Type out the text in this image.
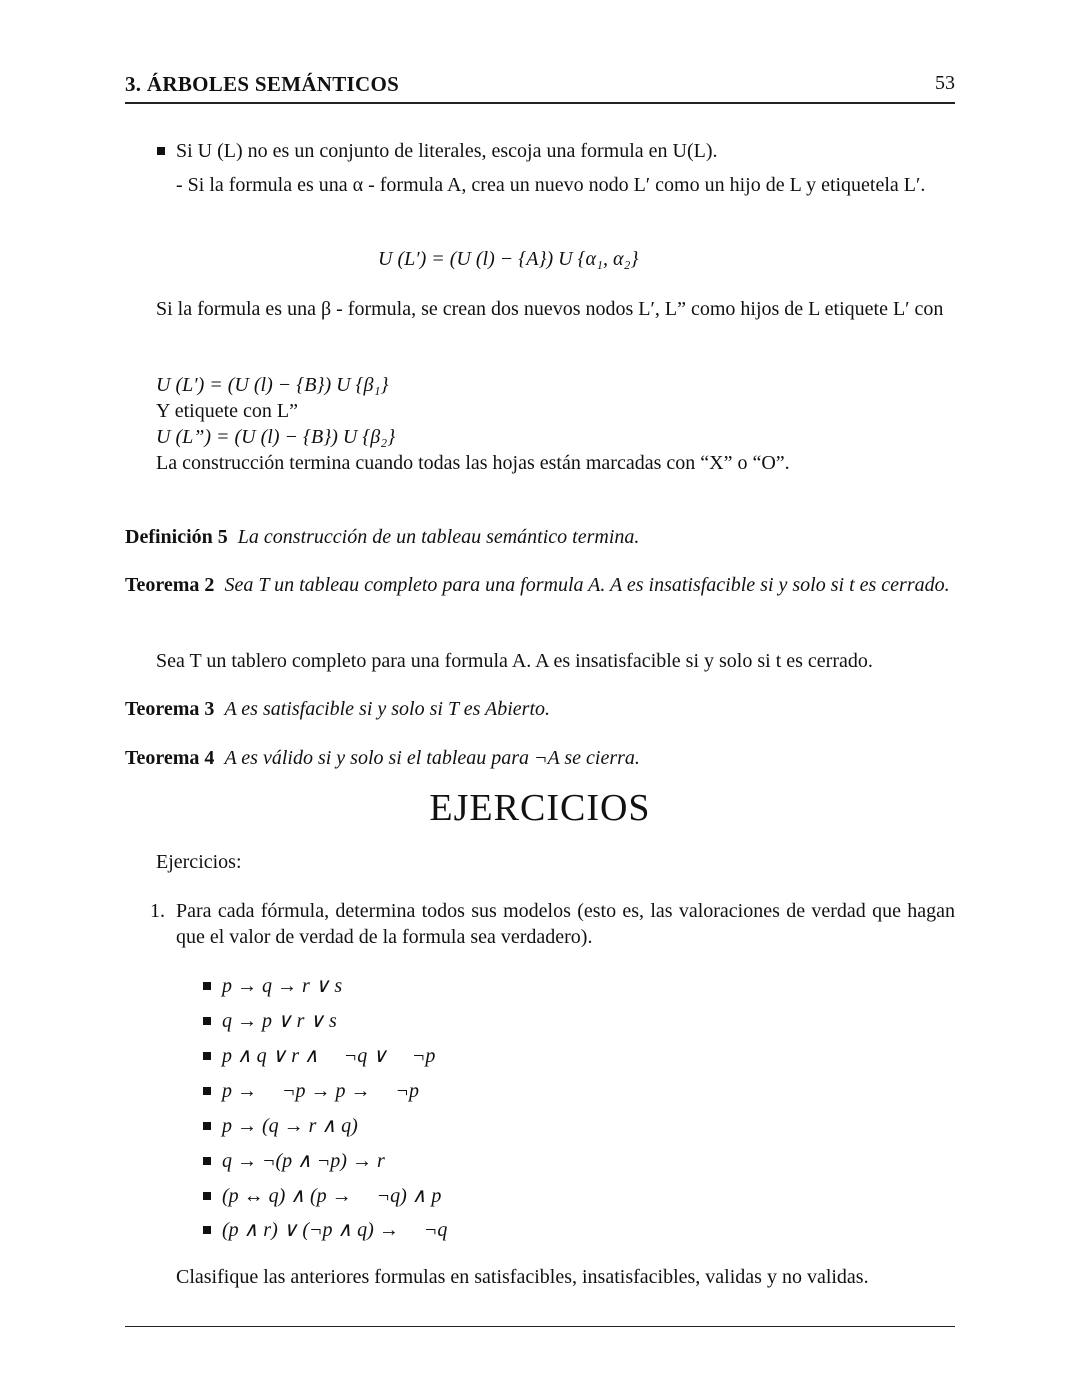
3. ÁRBOLES SEMÁNTICOS	53
Si U (L) no es un conjunto de literales, escoja una formula en U(L).
- Si la formula es una α - formula A, crea un nuevo nodo L′ como un hijo de L y etiquetela L′.
U (L′) = (U (l) − {A}) U {α₁, α₂}
Si la formula es una β - formula, se crean dos nuevos nodos L′, L” como hijos de L etiquete L′ con
U (L′) = (U (l) − {B}) U {β₁}
Y etiquete con L”
U (L”) = (U (l) − {B}) U {β₂}
La construcción termina cuando todas las hojas están marcadas con “X” o “O”.
Definición 5 La construcción de un tableau semántico termina.
Teorema 2 Sea T un tableau completo para una formula A. A es insatisfacible si y solo si t es cerrado.
Sea T un tablero completo para una formula A. A es insatisfacible si y solo si t es cerrado.
Teorema 3 A es satisfacible si y solo si T es Abierto.
Teorema 4 A es válido si y solo si el tableau para ¬A se cierra.
EJERCICIOS
Ejercicios:
1. Para cada fórmula, determina todos sus modelos (esto es, las valoraciones de verdad que hagan que el valor de verdad de la formula sea verdadero).
p → q → r ∨ s
q → p ∨ r ∨ s
p ∧ q ∨ r ∧     ¬q ∨     ¬p
p →     ¬p → p →     ¬p
p → (q → r ∧ q)
q → ¬(p ∧ ¬p) → r
(p ↔ q) ∧ (p →     ¬q) ∧ p
(p ∧ r) ∨ (¬p ∧ q) →     ¬q
Clasifique las anteriores formulas en satisfacibles, insatisfacibles, validas y no validas.
